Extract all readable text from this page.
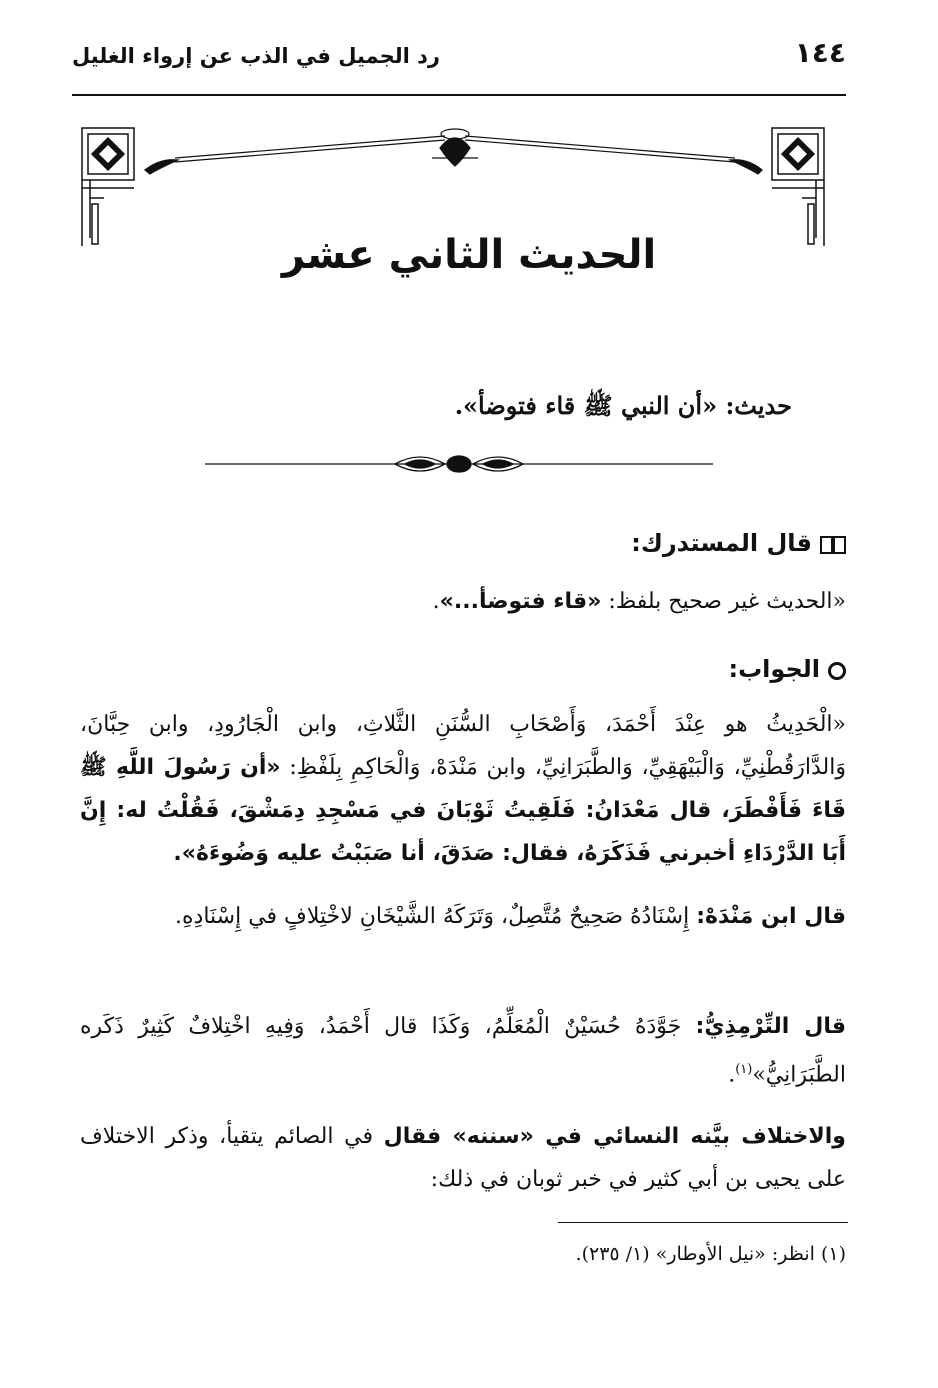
١٤٤
رد الجميل في الذب عن إرواء الغليل
الحديث الثاني عشر
حديث: «أن النبي ﷺ قاء فتوضأ».
قال المستدرك:
«الحديث غير صحيح بلفظ: «قاء فتوضأ...».
الجواب:
«الْحَدِيثُ هو عِنْدَ أَحْمَدَ، وَأَصْحَابِ السُّنَنِ الثَّلاثِ، وابن الْجَارُودِ، وابن حِبَّانَ، وَالدَّارَقُطْنِيِّ، وَالْبَيْهَقِيِّ، وَالطَّبَرَانِيِّ، وابن مَنْدَهْ، وَالْحَاكِمِ بِلَفْظِ: «أن رَسُولَ اللَّهِ ﷺ قَاءَ فَأَفْطَرَ، قال مَعْدَانُ: فَلَقِيتُ ثَوْبَانَ في مَسْجِدِ دِمَشْقَ، فَقُلْتُ له: إِنَّ أَبَا الدَّرْدَاءِ أخبرني فَذَكَرَهُ، فقال: صَدَقَ، أنا صَبَبْتُ عليه وَضُوءَهُ».
قال ابن مَنْدَهْ: إِسْنَادُهُ صَحِيحٌ مُتَّصِلٌ، وَتَرَكَهُ الشَّيْخَانِ لاخْتِلافٍ في إِسْنَادِهِ.
قال التِّرْمِذِيُّ: جَوَّدَهُ حُسَيْنٌ الْمُعَلِّمُ، وَكَذَا قال أَحْمَدُ، وَفِيهِ اخْتِلافٌ كَثِيرٌ ذَكَره الطَّبَرَانِيُّ»$^{(١)}$.
والاختلاف بيَّنه النسائي في «سننه» فقال في الصائم يتقيأ، وذكر الاختلاف على يحيى بن أبي كثير في خبر ثوبان في ذلك:
(١) انظر: «نيل الأوطار» (١/ ٢٣٥).
